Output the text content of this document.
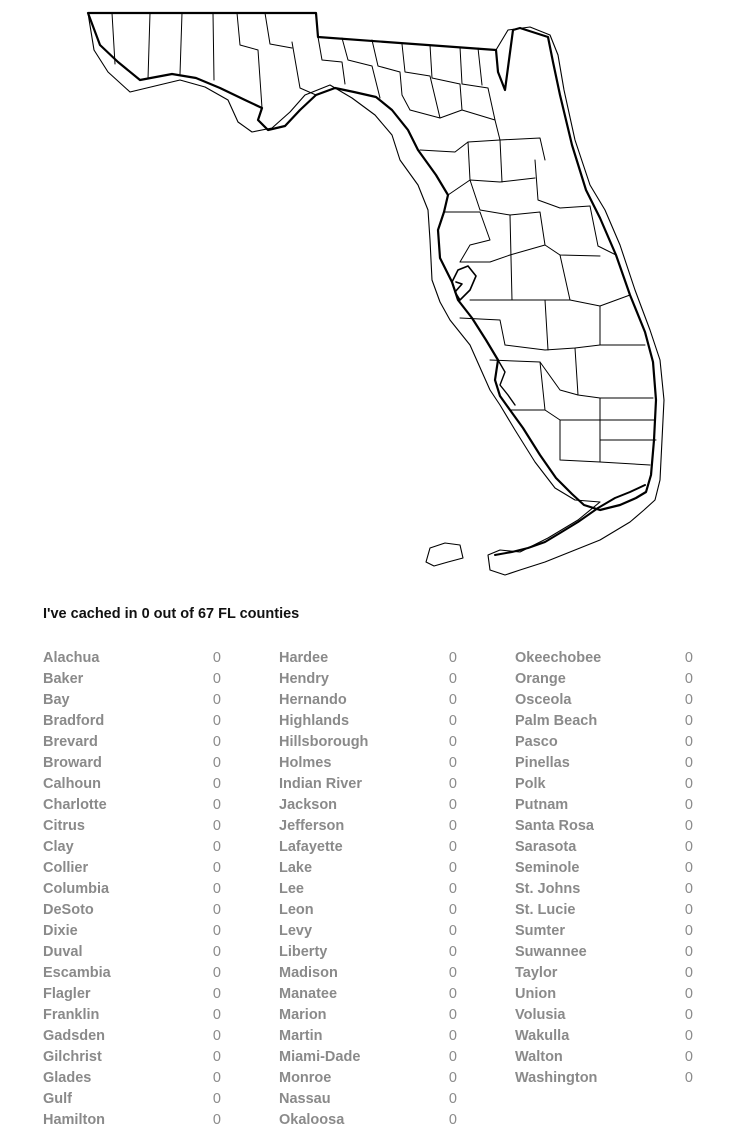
I've cached in 0 out of 67 FL counties
Alachua	0
Baker	0
Bay	0
Bradford	0
Brevard	0
Broward	0
Calhoun	0
Charlotte	0
Citrus	0
Clay	0
Collier	0
Columbia	0
DeSoto	0
Dixie	0
Duval	0
Escambia	0
Flagler	0
Franklin	0
Gadsden	0
Gilchrist	0
Glades	0
Gulf	0
Hamilton	0
Hardee	0
Hendry	0
Hernando	0
Highlands	0
Hillsborough	0
Holmes	0
Indian River	0
Jackson	0
Jefferson	0
Lafayette	0
Lake	0
Lee	0
Leon	0
Levy	0
Liberty	0
Madison	0
Manatee	0
Marion	0
Martin	0
Miami-Dade	0
Monroe	0
Nassau	0
Okaloosa	0
Okeechobee	0
Orange	0
Osceola	0
Palm Beach	0
Pasco	0
Pinellas	0
Polk	0
Putnam	0
Santa Rosa	0
Sarasota	0
Seminole	0
St. Johns	0
St. Lucie	0
Sumter	0
Suwannee	0
Taylor	0
Union	0
Volusia	0
Wakulla	0
Walton	0
Washington	0
